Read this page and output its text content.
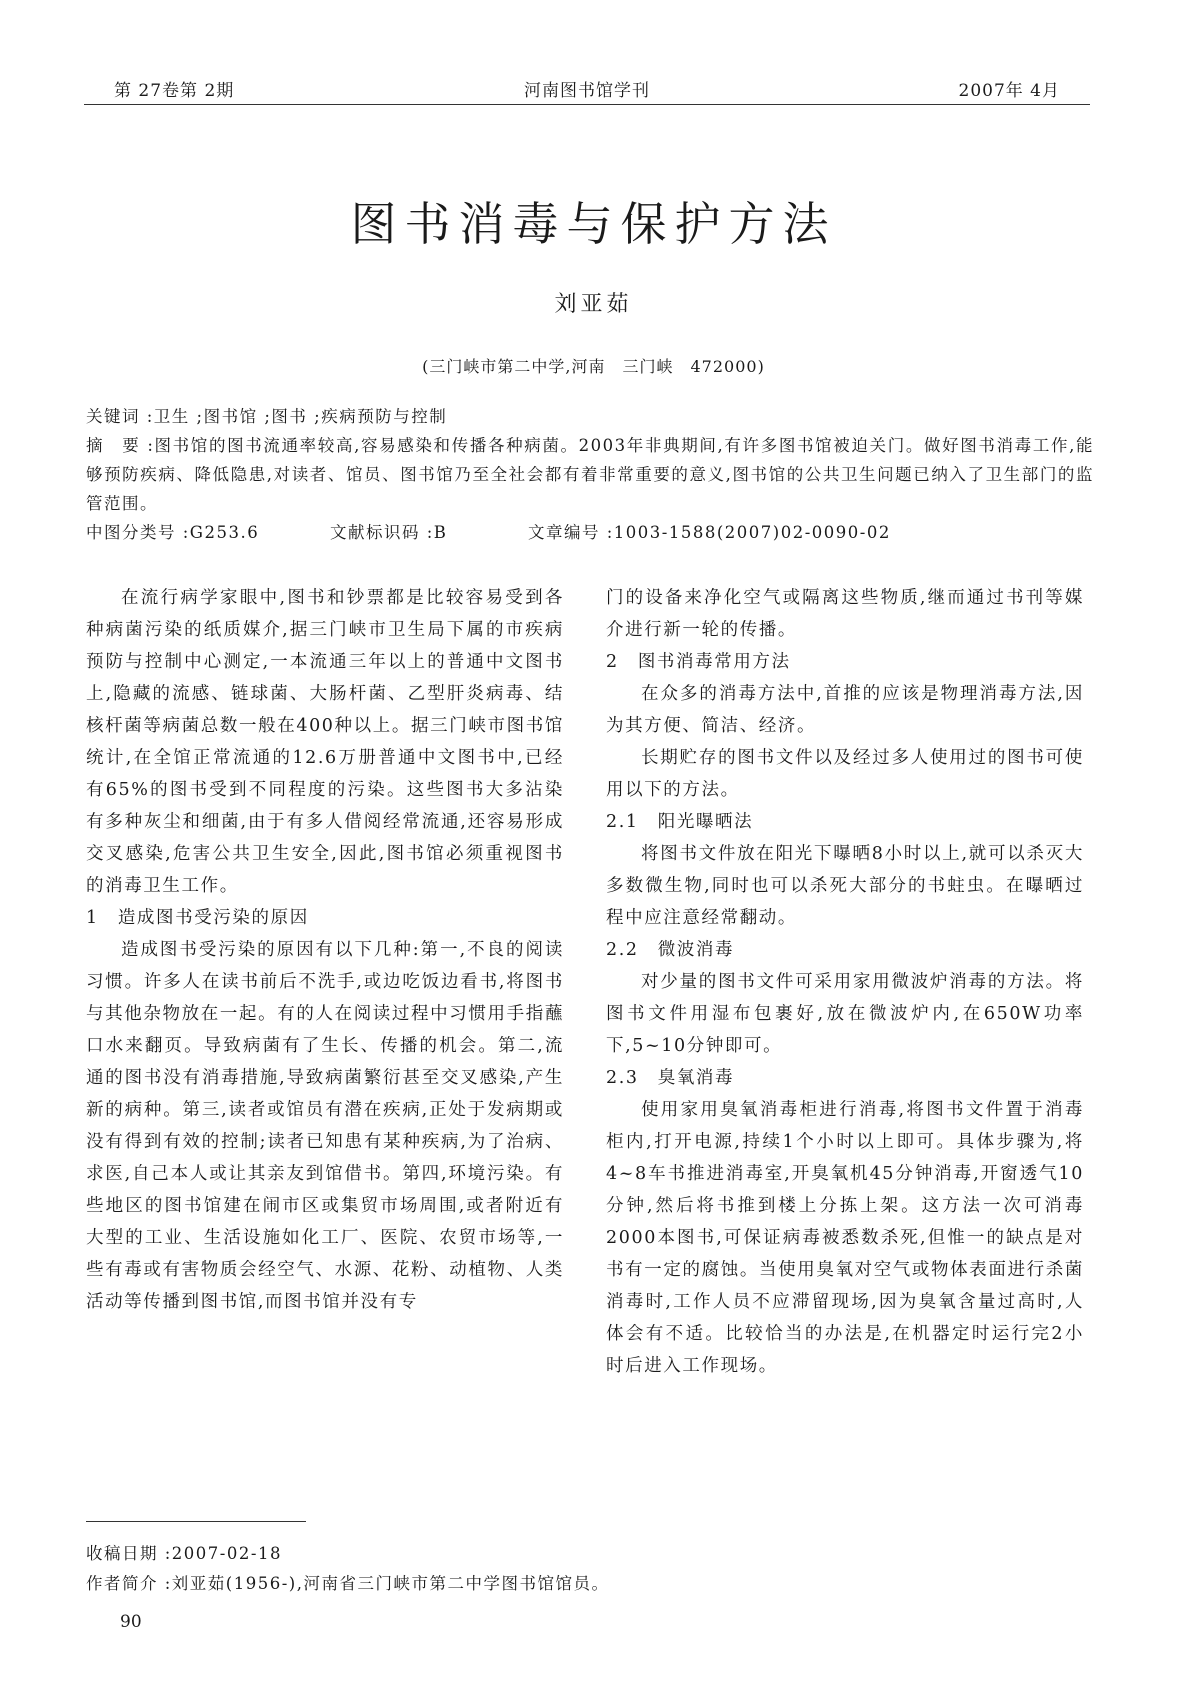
第 27卷第 2期	河南图书馆学刊	2007年 4月
图书消毒与保护方法
刘亚茹
(三门峡市第二中学,河南　三门峡　472000)
关键词 :卫生 ;图书馆 ;图书 ;疾病预防与控制
摘　要 :图书馆的图书流通率较高,容易感染和传播各种病菌。2003年非典期间,有许多图书馆被迫关门。做好图书消毒工作,能够预防疾病、降低隐患,对读者、馆员、图书馆乃至全社会都有着非常重要的意义,图书馆的公共卫生问题已纳入了卫生部门的监管范围。
中图分类号 :G253.6	文献标识码 :B	文章编号 :1003-1588(2007)02-0090-02

在流行病学家眼中,图书和钞票都是比较容易受到各种病菌污染的纸质媒介,据三门峡市卫生局下属的市疾病预防与控制中心测定,一本流通三年以上的普通中文图书上,隐藏的流感、链球菌、大肠杆菌、乙型肝炎病毒、结核杆菌等病菌总数一般在400种以上。据三门峡市图书馆统计,在全馆正常流通的12.6万册普通中文图书中,已经有65%的图书受到不同程度的污染。这些图书大多沾染有多种灰尘和细菌,由于有多人借阅经常流通,还容易形成交叉感染,危害公共卫生安全,因此,图书馆必须重视图书的消毒卫生工作。

1　造成图书受污染的原因

造成图书受污染的原因有以下几种:第一,不良的阅读习惯。许多人在读书前后不洗手,或边吃饭边看书,将图书与其他杂物放在一起。有的人在阅读过程中习惯用手指蘸口水来翻页。导致病菌有了生长、传播的机会。第二,流通的图书没有消毒措施,导致病菌繁衍甚至交叉感染,产生新的病种。第三,读者或馆员有潜在疾病,正处于发病期或没有得到有效的控制;读者已知患有某种疾病,为了治病、求医,自己本人或让其亲友到馆借书。第四,环境污染。有些地区的图书馆建在闹市区或集贸市场周围,或者附近有大型的工业、生活设施如化工厂、医院、农贸市场等,一些有毒或有害物质会经空气、水源、花粉、动植物、人类活动等传播到图书馆,而图书馆并没有专

门的设备来净化空气或隔离这些物质,继而通过书刊等媒介进行新一轮的传播。

2　图书消毒常用方法

在众多的消毒方法中,首推的应该是物理消毒方法,因为其方便、简洁、经济。

长期贮存的图书文件以及经过多人使用过的图书可使用以下的方法。

2.1　阳光曝晒法

将图书文件放在阳光下曝晒8小时以上,就可以杀灭大多数微生物,同时也可以杀死大部分的书蛀虫。在曝晒过程中应注意经常翻动。

2.2　微波消毒

对少量的图书文件可采用家用微波炉消毒的方法。将图书文件用湿布包裹好,放在微波炉内,在650W功率下,5~10分钟即可。

2.3　臭氧消毒

使用家用臭氧消毒柜进行消毒,将图书文件置于消毒柜内,打开电源,持续1个小时以上即可。具体步骤为,将4~8车书推进消毒室,开臭氧机45分钟消毒,开窗透气10分钟,然后将书推到楼上分拣上架。这方法一次可消毒2000本图书,可保证病毒被悉数杀死,但惟一的缺点是对书有一定的腐蚀。当使用臭氧对空气或物体表面进行杀菌消毒时,工作人员不应滞留现场,因为臭氧含量过高时,人体会有不适。比较恰当的办法是,在机器定时运行完2小时后进入工作现场。

收稿日期 :2007-02-18
作者简介 :刘亚茹(1956-),河南省三门峡市第二中学图书馆馆员。
90
